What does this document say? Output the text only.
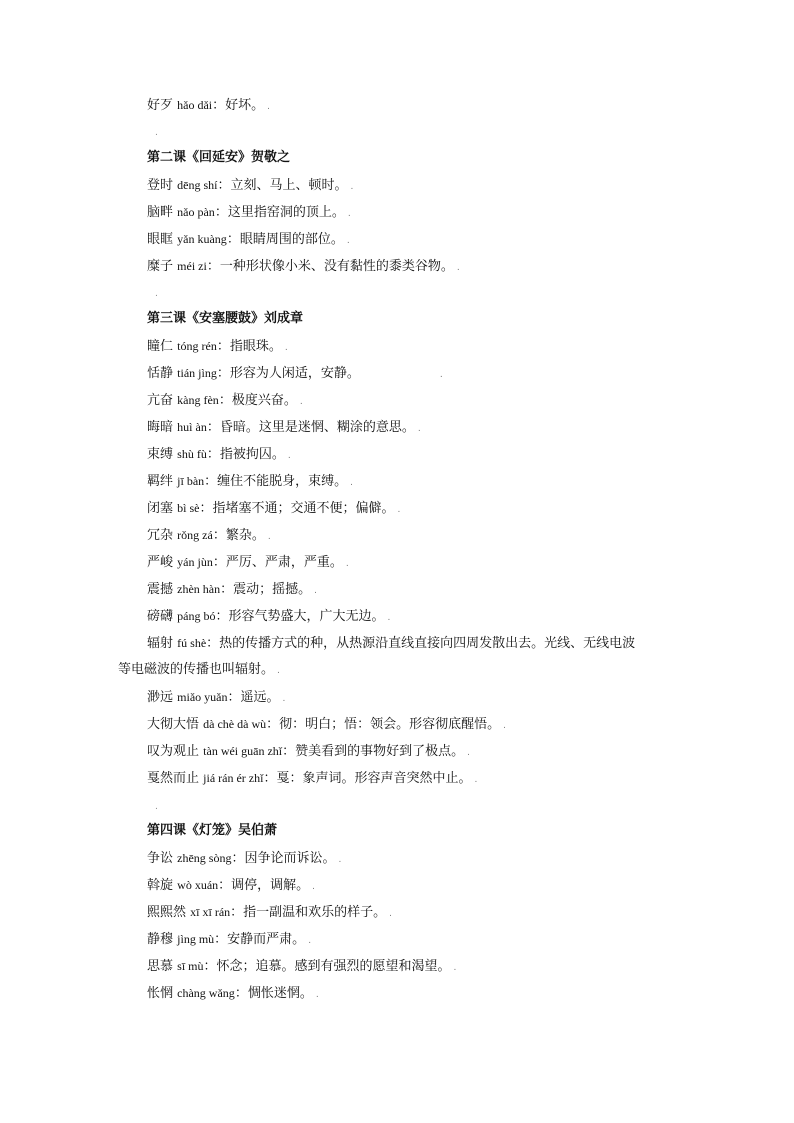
好歹 hǎo dǎi：好坏。 .
.
第二课《回延安》贺敬之
登时 dēng shí：立刻、马上、顿时。 .
脑畔 nǎo pàn：这里指窑洞的顶上。 .
眼眶 yǎn kuàng：眼睛周围的部位。 .
糜子 méi zi：一种形状像小米、没有黏性的黍类谷物。 .
.
第三课《安塞腰鼓》刘成章
瞳仁 tóng rén：指眼珠。 .
恬静 tián jìng：形容为人闲适，安静。	.
亢奋 kàng fèn：极度兴奋。 .
晦暗 huì àn：昏暗。这里是迷惘、糊涂的意思。 .
束缚 shù fù：指被拘囚。 .
羁绊 jī bàn：缠住不能脱身，束缚。 .
闭塞 bì sè：指堵塞不通；交通不便；偏僻。 .
冗杂 rǒng zá：繁杂。 .
严峻 yán jùn：严厉、严肃，严重。 .
震撼 zhèn hàn：震动；摇撼。 .
磅礴 páng bó：形容气势盛大，广大无边。 .
辐射 fú shè：热的传播方式的种，从热源沿直线直接向四周发散出去。光线、无线电波
等电磁波的传播也叫辐射。 .
渺远 miǎo yuǎn：遥远。 .
大彻大悟 dà chè dà wù：彻：明白；悟：领会。形容彻底醒悟。 .
叹为观止 tàn wéi guān zhǐ：赞美看到的事物好到了极点。 .
戛然而止 jiá rán ér zhǐ：戛：象声词。形容声音突然中止。 .
.
第四课《灯笼》吴伯萧
争讼 zhēng sòng：因争论而诉讼。 .
斡旋 wò xuán：调停，调解。 .
熙熙然 xī xī rán：指一副温和欢乐的样子。 .
静穆 jìng mù：安静而严肃。 .
思慕 sī mù：怀念；追慕。感到有强烈的愿望和渴望。 .
怅惘 chàng wǎng：惆怅迷惘。 .
